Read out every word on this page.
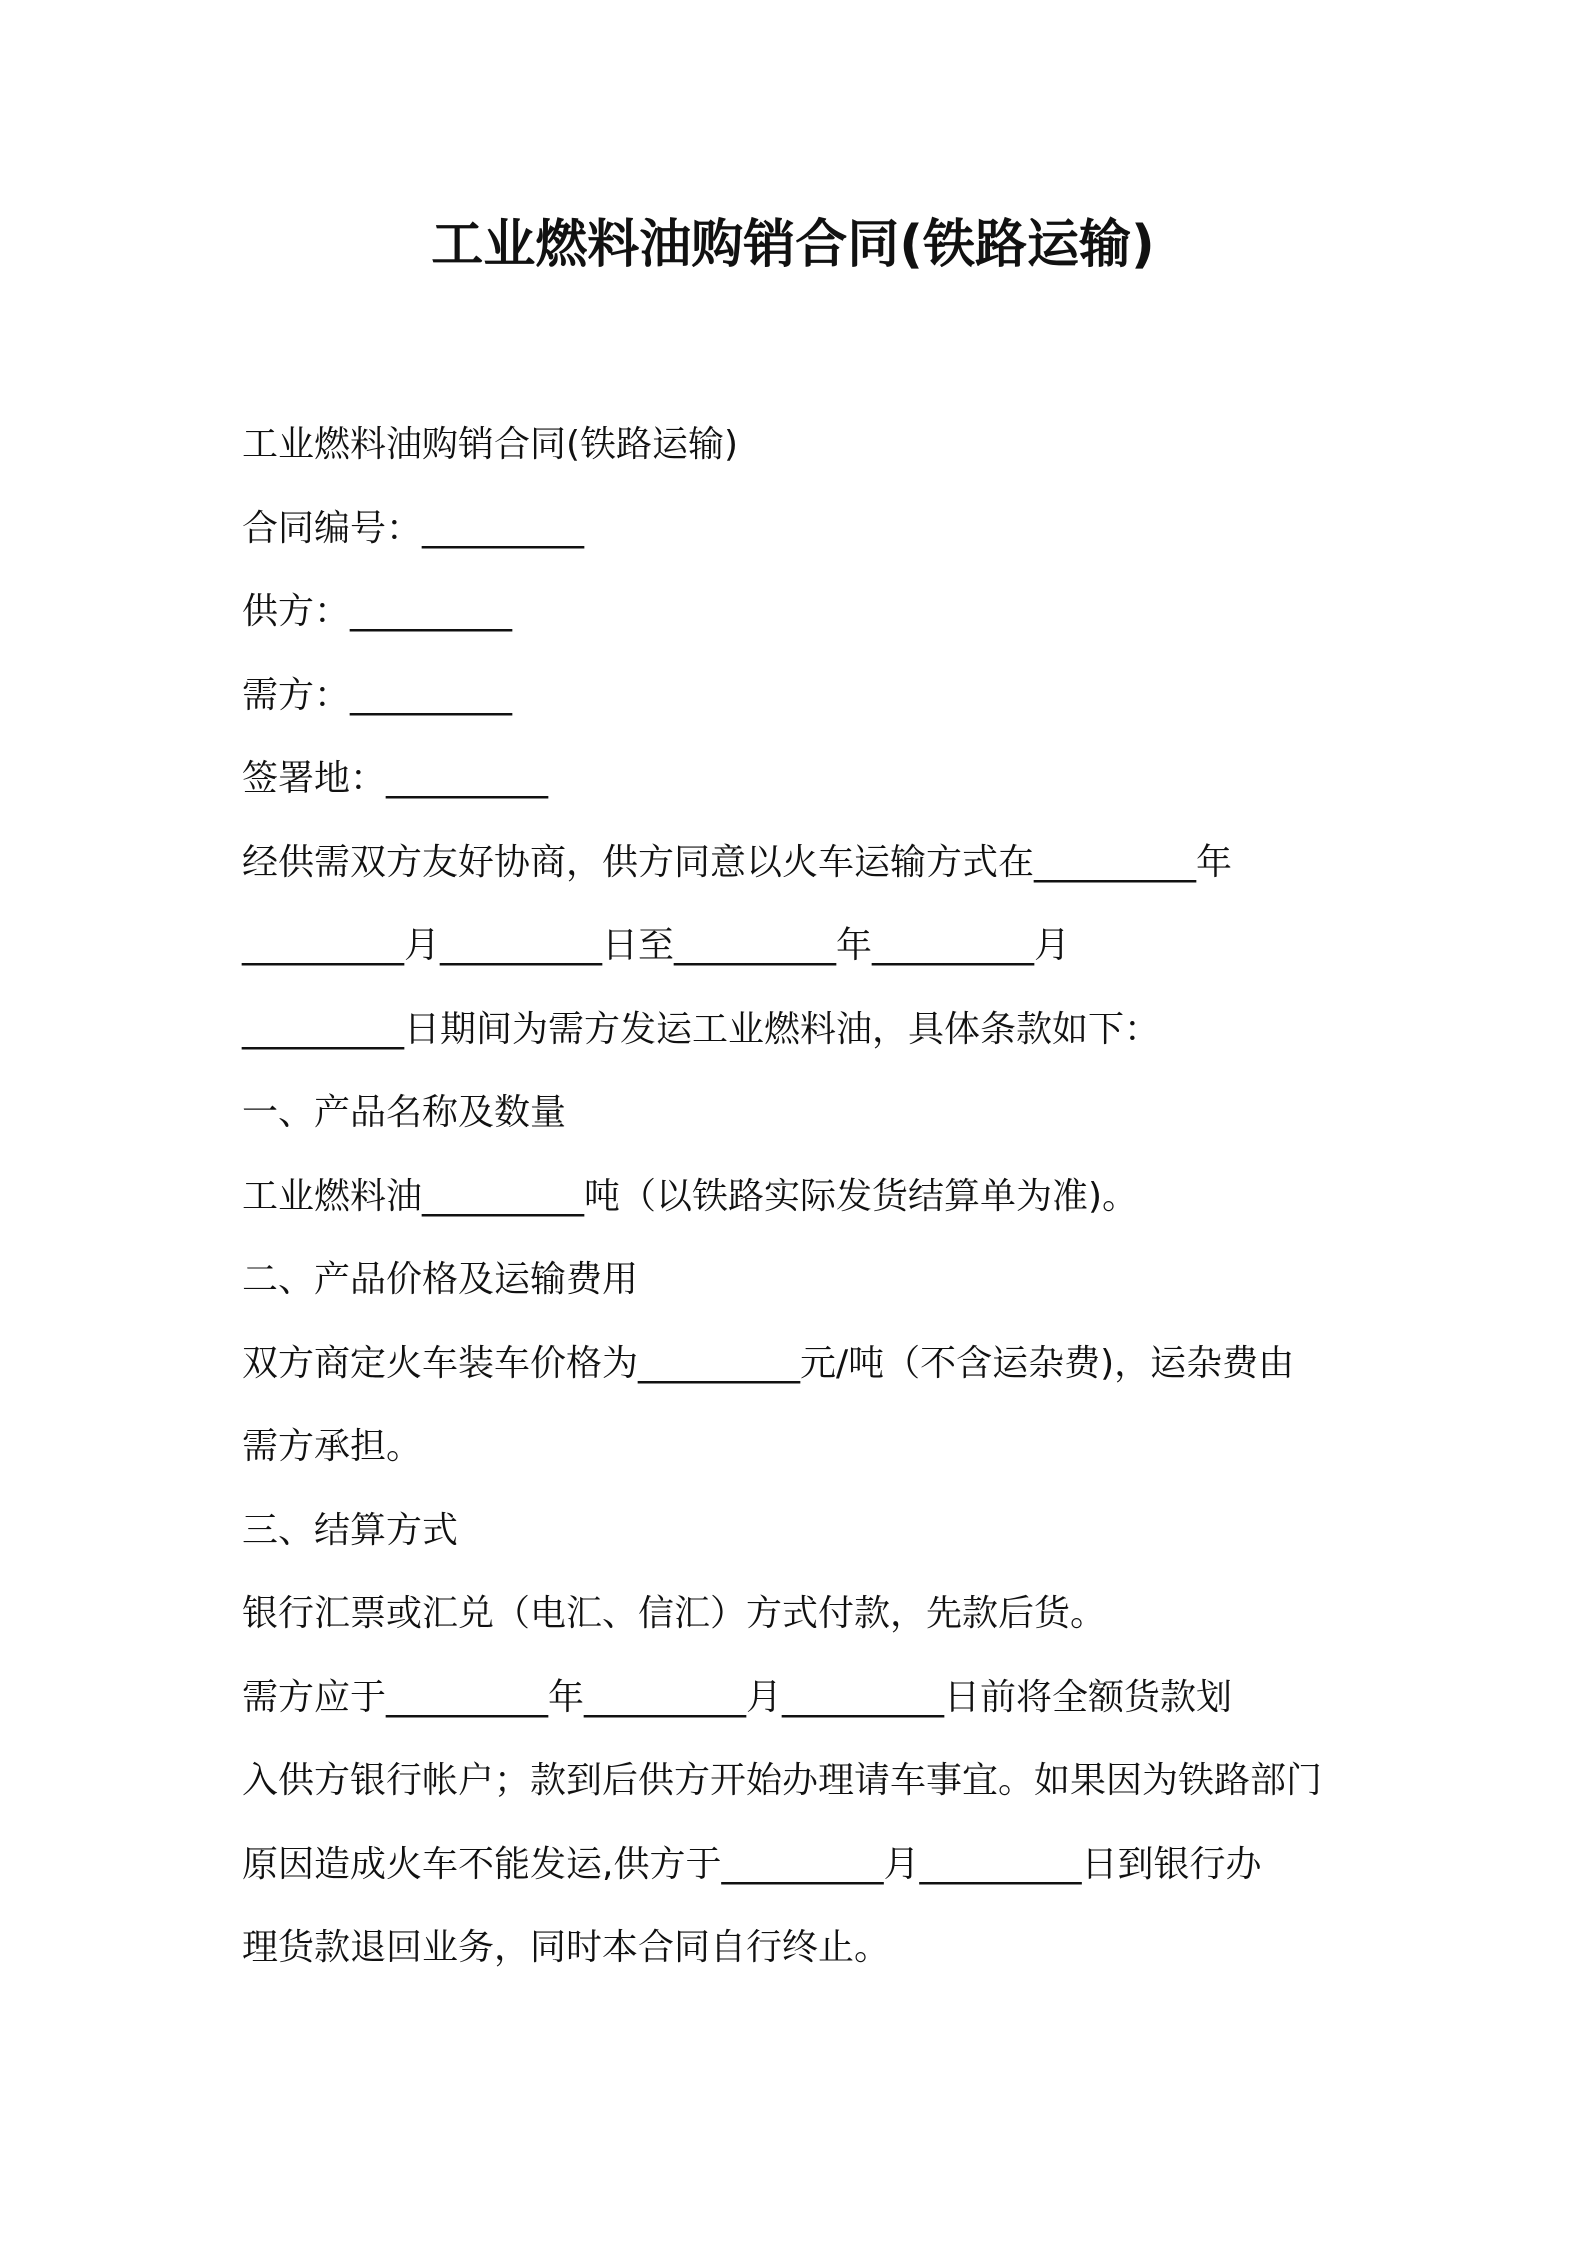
工业燃料油购销合同(铁路运输)
工业燃料油购销合同(铁路运输)
合同编号：_________
供方：_________
需方：_________
签署地：_________
经供需双方友好协商，供方同意以火车运输方式在_________年
_________月_________日至_________年_________月
_________日期间为需方发运工业燃料油，具体条款如下：
一、产品名称及数量
工业燃料油_________吨（以铁路实际发货结算单为准)。
二、产品价格及运输费用
双方商定火车装车价格为_________元/吨（不含运杂费)，运杂费由
需方承担。
三、结算方式
银行汇票或汇兑（电汇、信汇）方式付款，先款后货。
需方应于_________年_________月_________日前将全额货款划
入供方银行帐户；款到后供方开始办理请车事宜。如果因为铁路部门
原因造成火车不能发运,供方于_________月_________日到银行办
理货款退回业务，同时本合同自行终止。
